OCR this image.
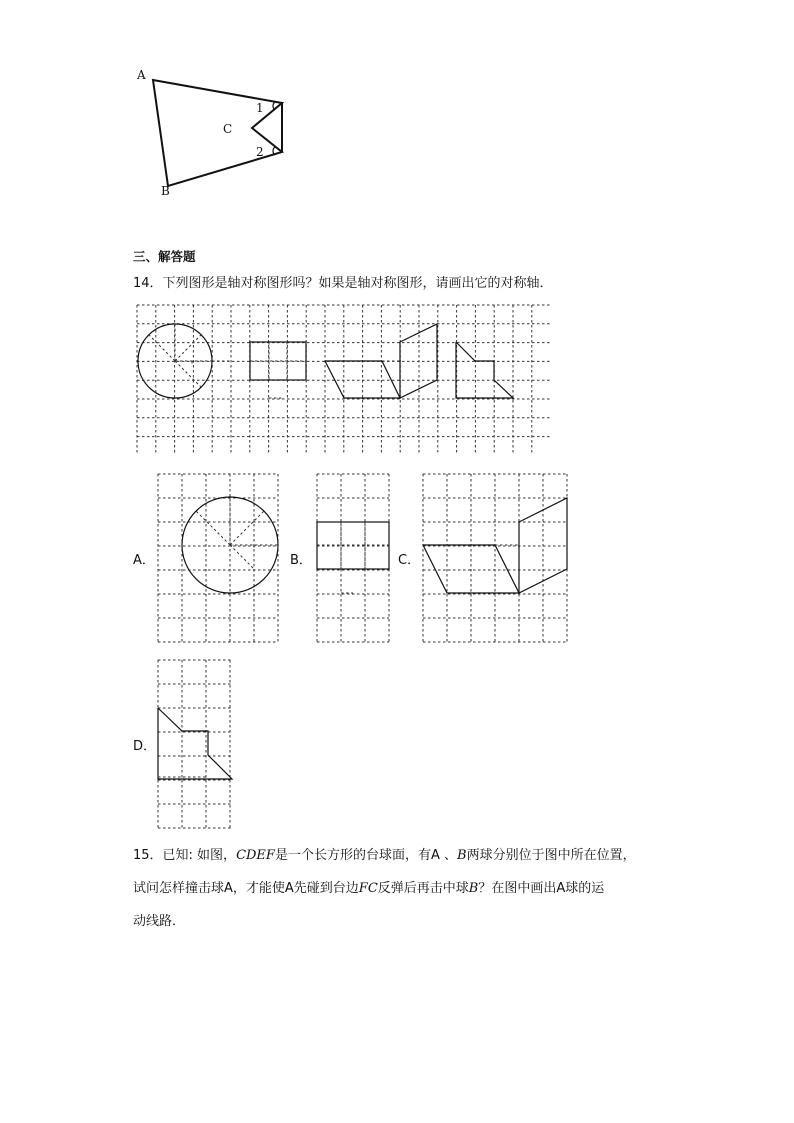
A
B
C
1
2
三、解答题
14．下列图形是轴对称图形吗？如果是轴对称图形，请画出它的对称轴．
A．	B．	C．
D．
15．已知: 如图，CDEF是一个长方形的台球面，有A 、B两球分别位于图中所在位置，
试问怎样撞击球A，才能使A先碰到台边FC反弹后再击中球B？在图中画出A球的运
动线路．
